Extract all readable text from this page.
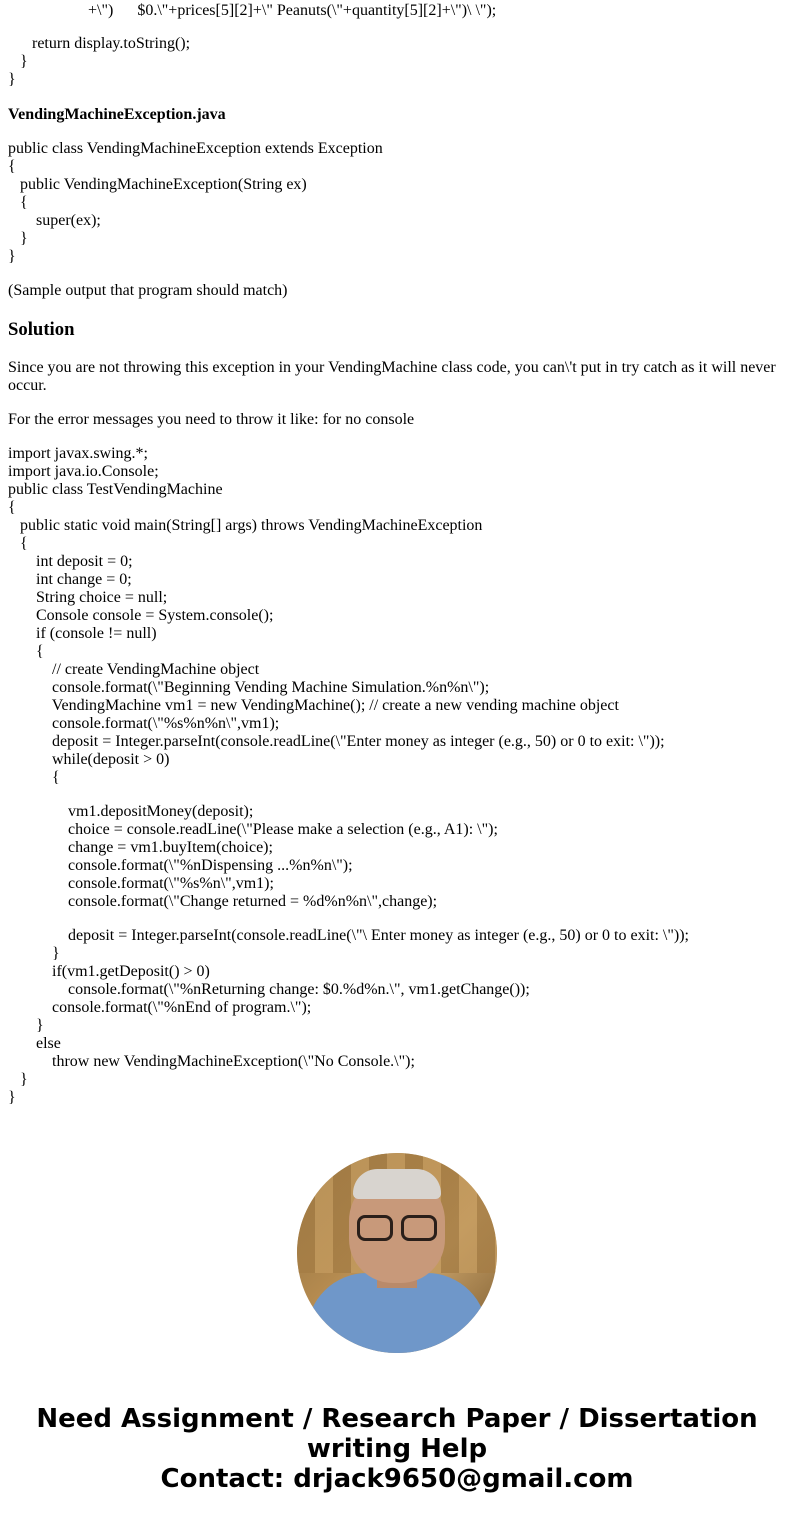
+\")      $0.\"+prices[5][2]+\" Peanuts(\"+quantity[5][2]+\")\ \");
return display.toString();
}
}
VendingMachineException.java
public class VendingMachineException extends Exception
{
public VendingMachineException(String ex)
{
super(ex);
}
}
(Sample output that program should match)
Solution
Since you are not throwing this exception in your VendingMachine class code, you can\'t put in try catch as it will never occur.
For the error messages you need to throw it like: for no console
import javax.swing.*;
import java.io.Console;
public class TestVendingMachine
{
public static void main(String[] args) throws VendingMachineException
{
int deposit = 0;
int change = 0;
String choice = null;
Console console = System.console();
if (console != null)
{
// create VendingMachine object
console.format(\"Beginning Vending Machine Simulation.%n%n\");
VendingMachine vm1 = new VendingMachine(); // create a new vending machine object
console.format(\"%s%n%n\",vm1);
deposit = Integer.parseInt(console.readLine(\"Enter money as integer (e.g., 50) or 0 to exit: \"));
while(deposit > 0)
{
vm1.depositMoney(deposit);
choice = console.readLine(\"Please make a selection (e.g., A1): \");
change = vm1.buyItem(choice);
console.format(\"%nDispensing ...%n%n\");
console.format(\"%s%n\",vm1);
console.format(\"Change returned = %d%n%n\",change);
deposit = Integer.parseInt(console.readLine(\"\ Enter money as integer (e.g., 50) or 0 to exit: \"));
}
if(vm1.getDeposit() > 0)
console.format(\"%nReturning change: $0.%d%n.\", vm1.getChange());
console.format(\"%nEnd of program.\");
}
else
throw new VendingMachineException(\"No Console.\");
}
}
Need Assignment / Research Paper / Dissertation
writing Help
Contact: drjack9650@gmail.com
